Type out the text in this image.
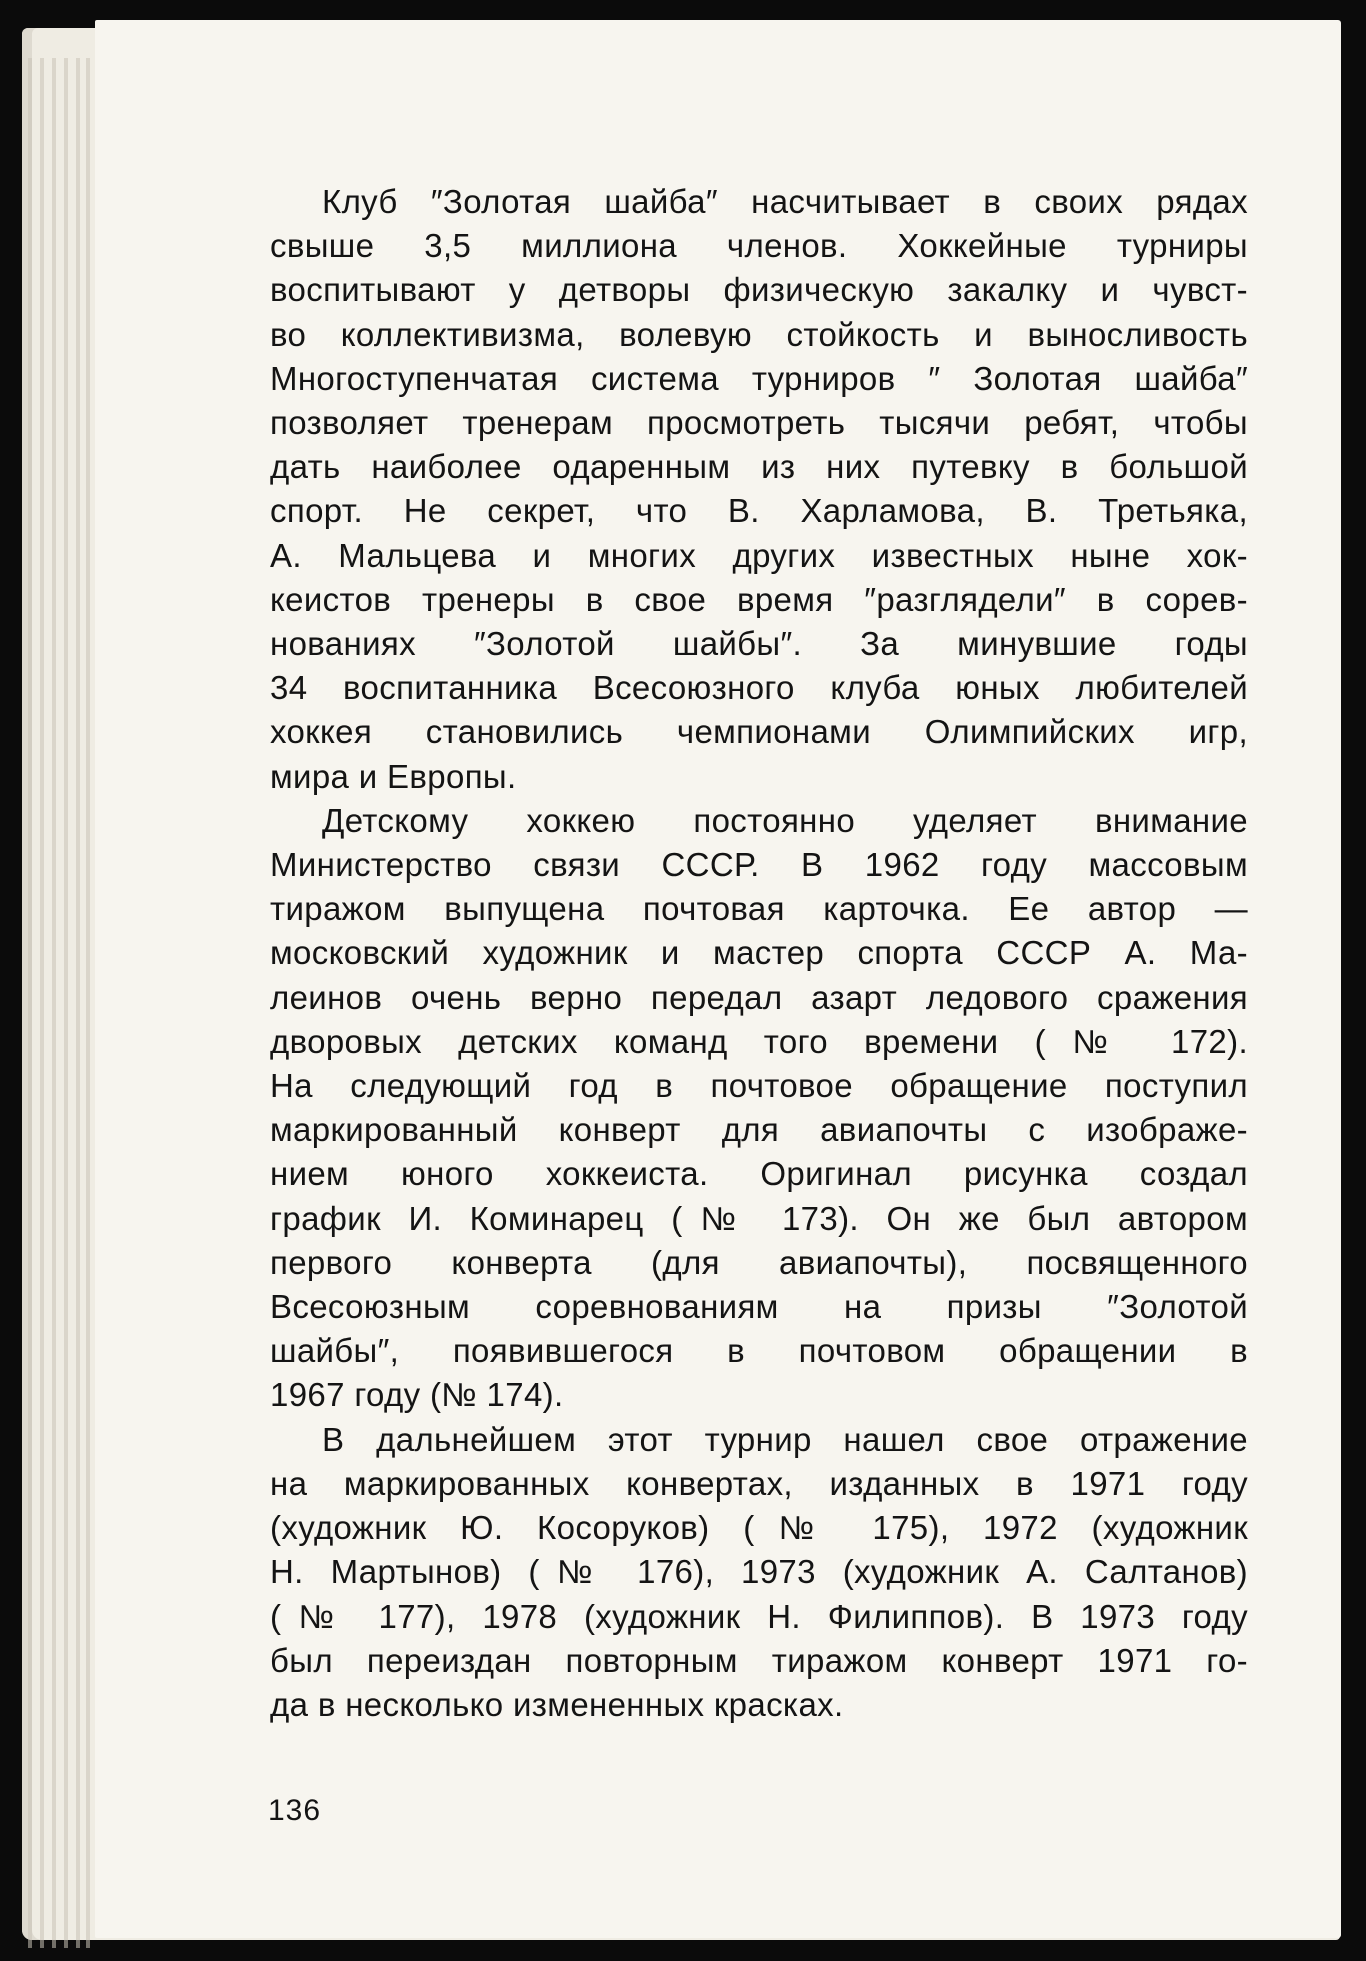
Клуб ″Золотая шайба″ насчитывает в своих рядах
свыше 3,5 миллиона членов. Хоккейные турниры
воспитывают у детворы физическую закалку и чувст-
во коллективизма, волевую стойкость и выносливость
Многоступенчатая система турниров ″ Золотая шайба″
позволяет тренерам просмотреть тысячи ребят, чтобы
дать наиболее одаренным из них путевку в большой
спорт. Не секрет, что В. Харламова, В. Третьяка,
А. Мальцева и многих других известных ныне хок-
кеистов тренеры в свое время ″разглядели″ в сорев-
нованиях ″Золотой шайбы″. За минувшие годы
34 воспитанника Всесоюзного клуба юных любителей
хоккея становились чемпионами Олимпийских игр,
мира и Европы.
Детскому хоккею постоянно уделяет внимание
Министерство связи СССР. В 1962 году массовым
тиражом выпущена почтовая карточка. Ее автор —
московский художник и мастер спорта СССР А. Ма-
леинов очень верно передал азарт ледового сражения
дворовых детских команд того времени (№ 172).
На следующий год в почтовое обращение поступил
маркированный конверт для авиапочты с изображе-
нием юного хоккеиста. Оригинал рисунка создал
график И. Коминарец (№ 173). Он же был автором
первого конверта (для авиапочты), посвященного
Всесоюзным соревнованиям на призы ″Золотой
шайбы″, появившегося в почтовом обращении в
1967 году (№ 174).
В дальнейшем этот турнир нашел свое отражение
на маркированных конвертах, изданных в 1971 году
(художник Ю. Косоруков) (№ 175), 1972 (художник
Н. Мартынов) (№ 176), 1973 (художник А. Салтанов)
(№ 177), 1978 (художник Н. Филиппов). В 1973 году
был переиздан повторным тиражом конверт 1971 го-
да в несколько измененных красках.
136
